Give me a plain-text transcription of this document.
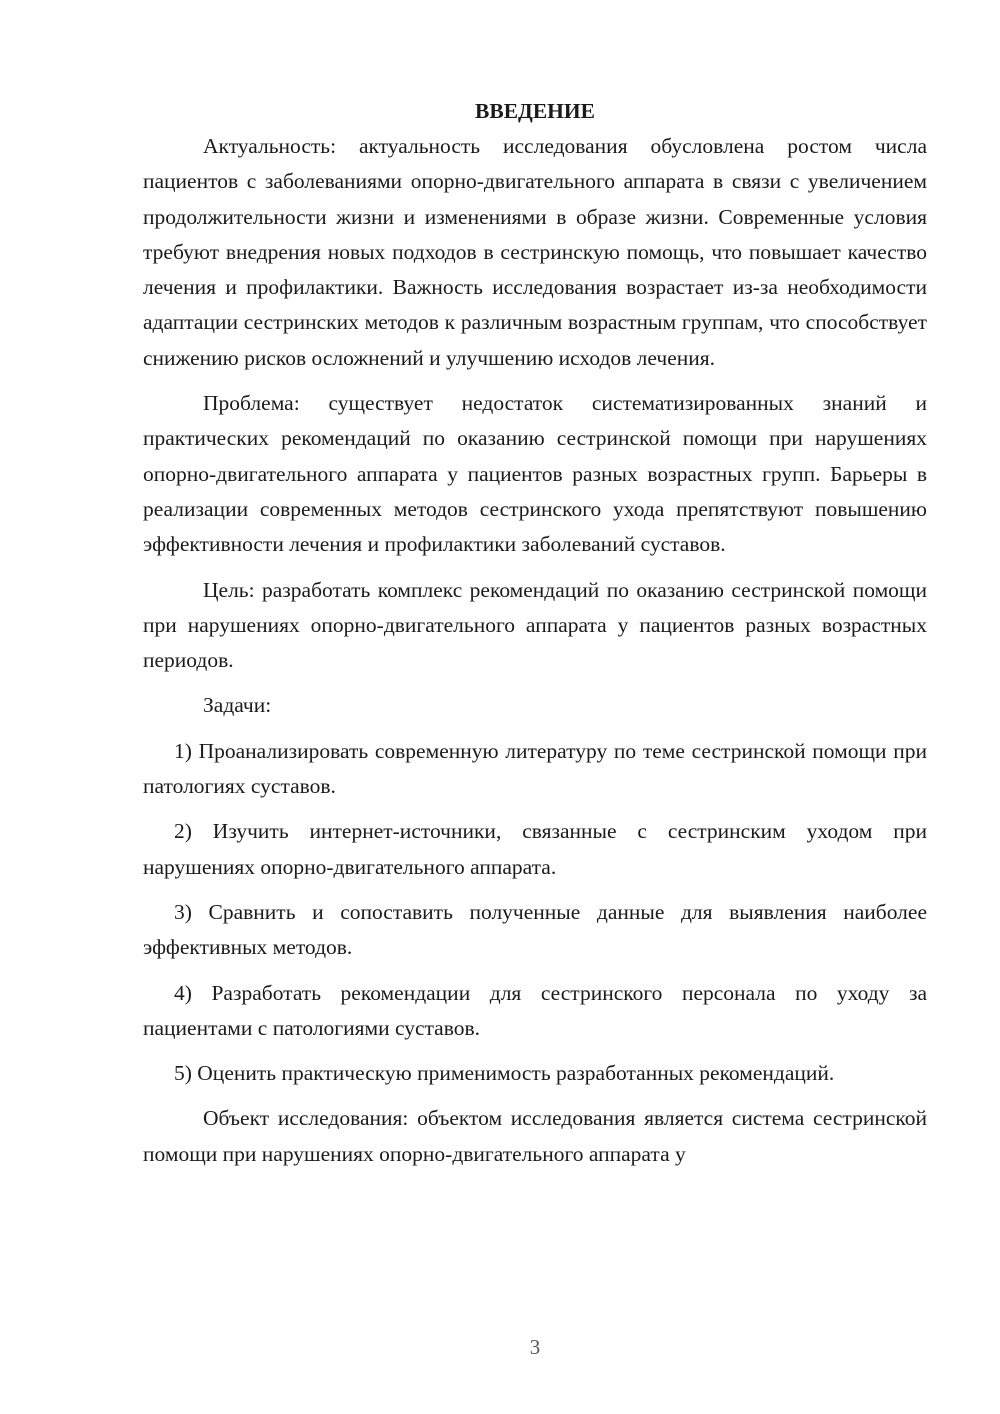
ВВЕДЕНИЕ

Актуальность: актуальность исследования обусловлена ростом числа пациентов с заболеваниями опорно-двигательного аппарата в связи с увеличением продолжительности жизни и изменениями в образе жизни. Современные условия требуют внедрения новых подходов в сестринскую помощь, что повышает качество лечения и профилактики. Важность исследования возрастает из-за необходимости адаптации сестринских методов к различным возрастным группам, что способствует снижению рисков осложнений и улучшению исходов лечения.

Проблема: существует недостаток систематизированных знаний и практических рекомендаций по оказанию сестринской помощи при нарушениях опорно-двигательного аппарата у пациентов разных возрастных групп. Барьеры в реализации современных методов сестринского ухода препятствуют повышению эффективности лечения и профилактики заболеваний суставов.

Цель: разработать комплекс рекомендаций по оказанию сестринской помощи при нарушениях опорно-двигательного аппарата у пациентов разных возрастных периодов.

Задачи:

1) Проанализировать современную литературу по теме сестринской помощи при патологиях суставов.

2) Изучить интернет-источники, связанные с сестринским уходом при нарушениях опорно-двигательного аппарата.

3) Сравнить и сопоставить полученные данные для выявления наиболее эффективных методов.

4) Разработать рекомендации для сестринского персонала по уходу за пациентами с патологиями суставов.

5) Оценить практическую применимость разработанных рекомендаций.

Объект исследования: объектом исследования является система сестринской помощи при нарушениях опорно-двигательного аппарата у

3
